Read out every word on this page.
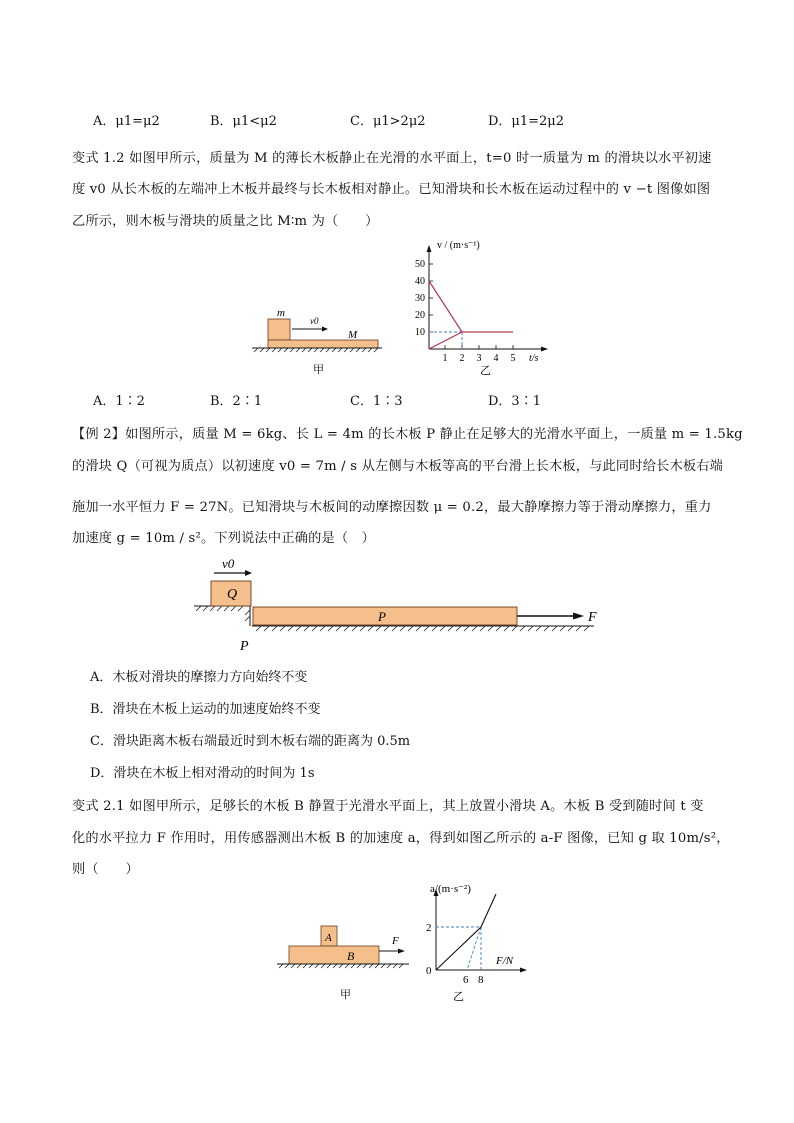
A．μ1=μ2	B．μ1<μ2	C．μ1>2μ2	D．μ1=2μ2
变式 1.2 如图甲所示，质量为 M 的薄长木板静止在光滑的水平面上，t=0 时一质量为 m 的滑块以水平初速
度 v0 从长木板的左端冲上木板并最终与长木板相对静止。已知滑块和长木板在运动过程中的 v −t 图像如图
乙所示，则木板与滑块的质量之比 M∶m 为（　　）
m
v0
M
甲
10
20
30
40
50
1 2 3 4 5 t/s
v / (m·s⁻¹)
乙
A．1∶2	B．2∶1	C．1∶3	D．3∶1
【例 2】如图所示，质量 M = 6kg、长 L = 4m 的长木板 P 静止在足够大的光滑水平面上，一质量 m = 1.5kg
的滑块 Q（可视为质点）以初速度 v0 = 7m / s 从左侧与木板等高的平台滑上长木板，与此同时给长木板右端
施加一水平恒力 F = 27N。已知滑块与木板间的动摩擦因数 μ = 0.2，最大静摩擦力等于滑动摩擦力，重力
加速度 g = 10m / s²。下列说法中正确的是（　）
Q
v0
P	F
P
A．木板对滑块的摩擦力方向始终不变
B．滑块在木板上运动的加速度始终不变
C．滑块距离木板右端最近时到木板右端的距离为 0.5m
D．滑块在木板上相对滑动的时间为 1s
变式 2.1 如图甲所示，足够长的木板 B 静置于光滑水平面上，其上放置小滑块 A。木板 B 受到随时间 t 变
化的水平拉力 F 作用时，用传感器测出木板 B 的加速度 a，得到如图乙所示的 a-F 图像，已知 g 取 10m/s²，
则（　　）
A
B
F
甲
a/(m·s⁻²)
F/N
2
0
6 8
乙
